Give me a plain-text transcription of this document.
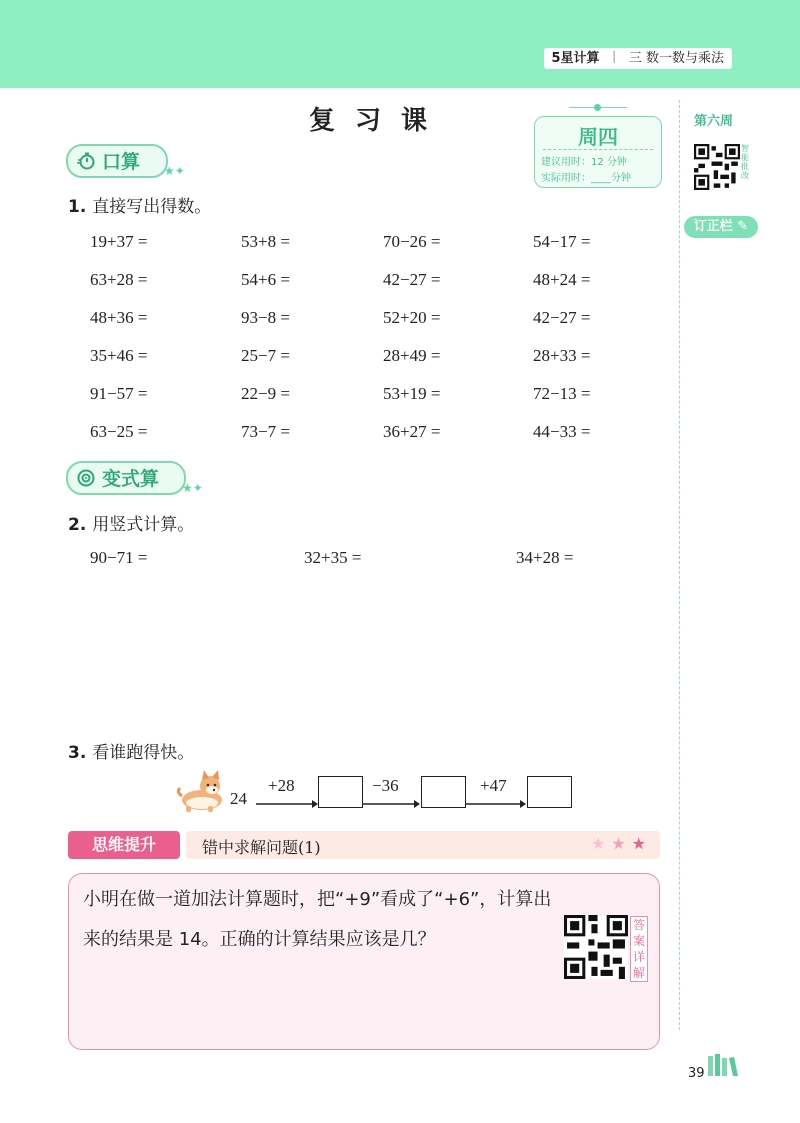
5星计算 丨 三 数一数与乘法
复习课
周四
建议用时：12 分钟
实际用时：____分钟
第六周
智能批改
订正栏 ✎
口算 ★✦
1. 直接写出得数。
19+37 =	53+8 =	70−26 =	54−17 =
63+28 =	54+6 =	42−27 =	48+24 =
48+36 =	93−8 =	52+20 =	42−27 =
35+46 =	25−7 =	28+49 =	28+33 =
91−57 =	22−9 =	53+19 =	72−13 =
63−25 =	73−7 =	36+27 =	44−33 =
变式算 ★✦
2. 用竖式计算。
90−71 =	32+35 =	34+28 =
3. 看谁跑得快。
24
+28	−36	+47
思维提升	错中求解问题(1)	★★★
小明在做一道加法计算题时，把“+9”看成了“+6”，计算出来的结果是 14。正确的计算结果应该是几？
答案详解
39
